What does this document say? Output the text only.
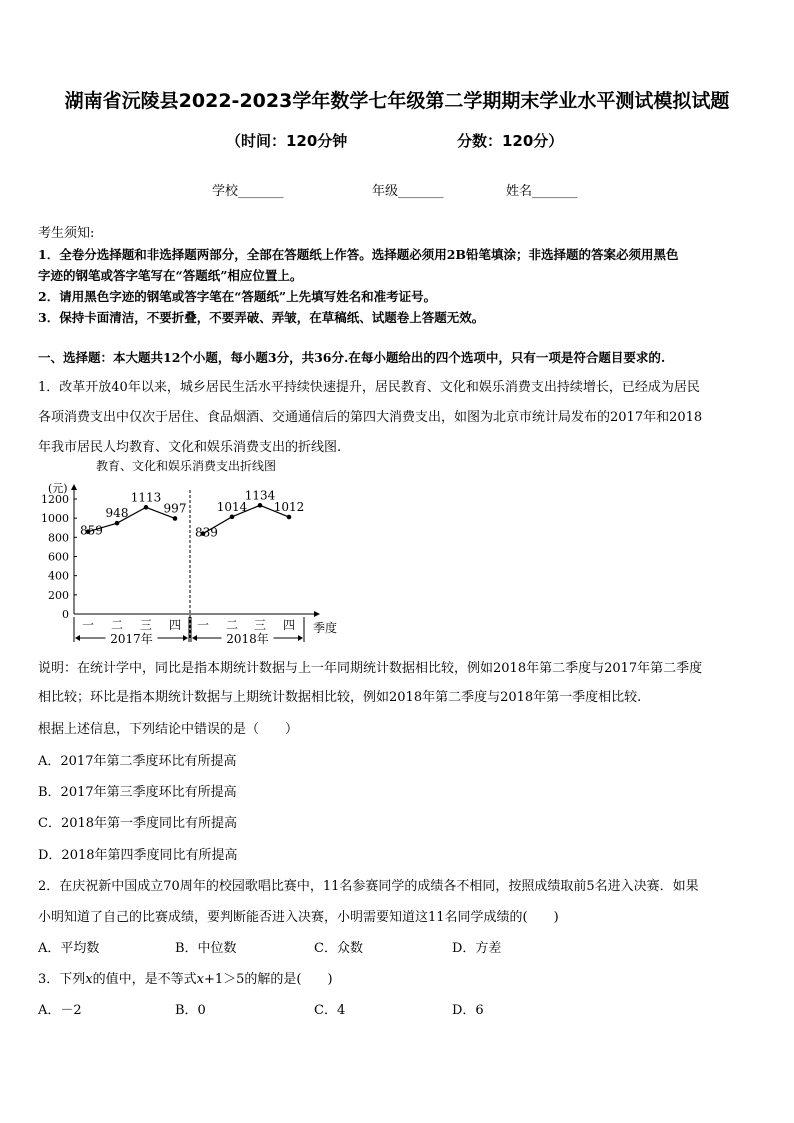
湖南省沅陵县2022-2023学年数学七年级第二学期期末学业水平测试模拟试题
（时间：120分钟	分数：120分）
学校_______	年级_______	姓名_______
考生须知:
1．全卷分选择题和非选择题两部分，全部在答题纸上作答。选择题必须用2B铅笔填涂；非选择题的答案必须用黑色
字迹的钢笔或答字笔写在“答题纸”相应位置上。
2．请用黑色字迹的钢笔或答字笔在“答题纸”上先填写姓名和准考证号。
3．保持卡面清洁，不要折叠，不要弄破、弄皱，在草稿纸、试题卷上答题无效。
一、选择题：本大题共12个小题，每小题3分，共36分.在每小题给出的四个选项中，只有一项是符合题目要求的.
1．改革开放40年以来，城乡居民生活水平持续快速提升，居民教育、文化和娱乐消费支出持续增长，已经成为居民
各项消费支出中仅次于居住、食品烟酒、交通通信后的第四大消费支出，如图为北京市统计局发布的2017年和2018
年我市居民人均教育、文化和娱乐消费支出的折线图.
教育、文化和娱乐消费支出折线图
(元)
0
200
400
600
800
1000
1200
季度
一 二 三 四 一 二 三 四
2017年	2018年
859
948
1113
997
839
1014
1134
1012
说明：在统计学中，同比是指本期统计数据与上一年同期统计数据相比较，例如2018年第二季度与2017年第二季度
相比较；环比是指本期统计数据与上期统计数据相比较，例如2018年第二季度与2018年第一季度相比较.
根据上述信息，下列结论中错误的是（　　）
A．2017年第二季度环比有所提高
B．2017年第三季度环比有所提高
C．2018年第一季度同比有所提高
D．2018年第四季度同比有所提高
2．在庆祝新中国成立70周年的校园歌唱比赛中，11名参赛同学的成绩各不相同，按照成绩取前5名进入决赛．如果
小明知道了自己的比赛成绩，要判断能否进入决赛，小明需要知道这11名同学成绩的(　　)
A．平均数	B．中位数	C．众数	D．方差
3．下列x的值中，是不等式x+1＞5的解的是(　　)
A．－2	B．0	C．4	D．6
